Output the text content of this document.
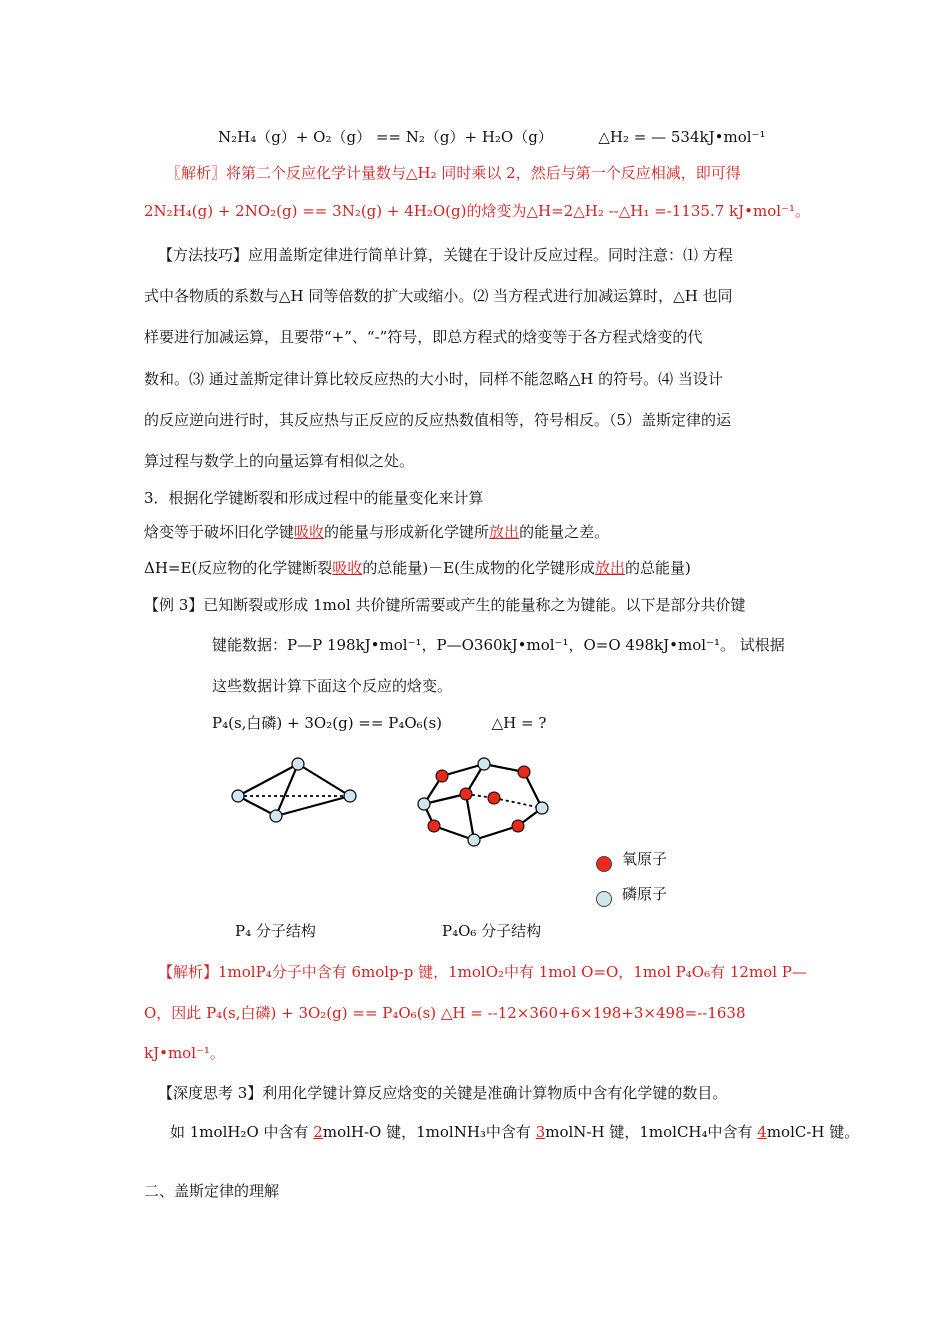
N₂H₄（g）+ O₂（g） == N₂（g）+ H₂O（g）	△H₂ = — 534kJ•mol⁻¹
〖解析〗将第二个反应化学计量数与△H₂ 同时乘以 2，然后与第一个反应相减，即可得
2N₂H₄(g) + 2NO₂(g) == 3N₂(g) + 4H₂O(g)的焓变为△H=2△H₂ --△H₁ =-1135.7 kJ•mol⁻¹。
【方法技巧】应用盖斯定律进行简单计算，关键在于设计反应过程。同时注意：⑴ 方程
式中各物质的系数与△H 同等倍数的扩大或缩小。⑵ 当方程式进行加减运算时，△H 也同
样要进行加减运算，且要带“+”、“-”符号，即总方程式的焓变等于各方程式焓变的代
数和。⑶ 通过盖斯定律计算比较反应热的大小时，同样不能忽略△H 的符号。⑷ 当设计
的反应逆向进行时，其反应热与正反应的反应热数值相等，符号相反。（5）盖斯定律的运
算过程与数学上的向量运算有相似之处。
3．根据化学键断裂和形成过程中的能量变化来计算
焓变等于破坏旧化学键吸收的能量与形成新化学键所放出的能量之差。
ΔH=E(反应物的化学键断裂吸收的总能量)－E(生成物的化学键形成放出的总能量)
【例 3】已知断裂或形成 1mol 共价键所需要或产生的能量称之为键能。以下是部分共价键
键能数据：P—P 198kJ•mol⁻¹，P—O360kJ•mol⁻¹，O=O 498kJ•mol⁻¹。 试根据
这些数据计算下面这个反应的焓变。
P₄(s,白磷) + 3O₂(g) == P₄O₆(s)	△H = ?
氧原子
磷原子
P₄ 分子结构	P₄O₆ 分子结构
【解析】1molP₄分子中含有 6molp-p 键，1molO₂中有 1mol O=O，1mol P₄O₆有 12mol P—
O，因此 P₄(s,白磷) + 3O₂(g) == P₄O₆(s) △H = --12×360+6×198+3×498=--1638
kJ•mol⁻¹。
【深度思考 3】利用化学键计算反应焓变的关键是准确计算物质中含有化学键的数目。
如 1molH₂O 中含有 2molH-O 键，1molNH₃中含有 3molN-H 键，1molCH₄中含有 4molC-H 键。
二、盖斯定律的理解
